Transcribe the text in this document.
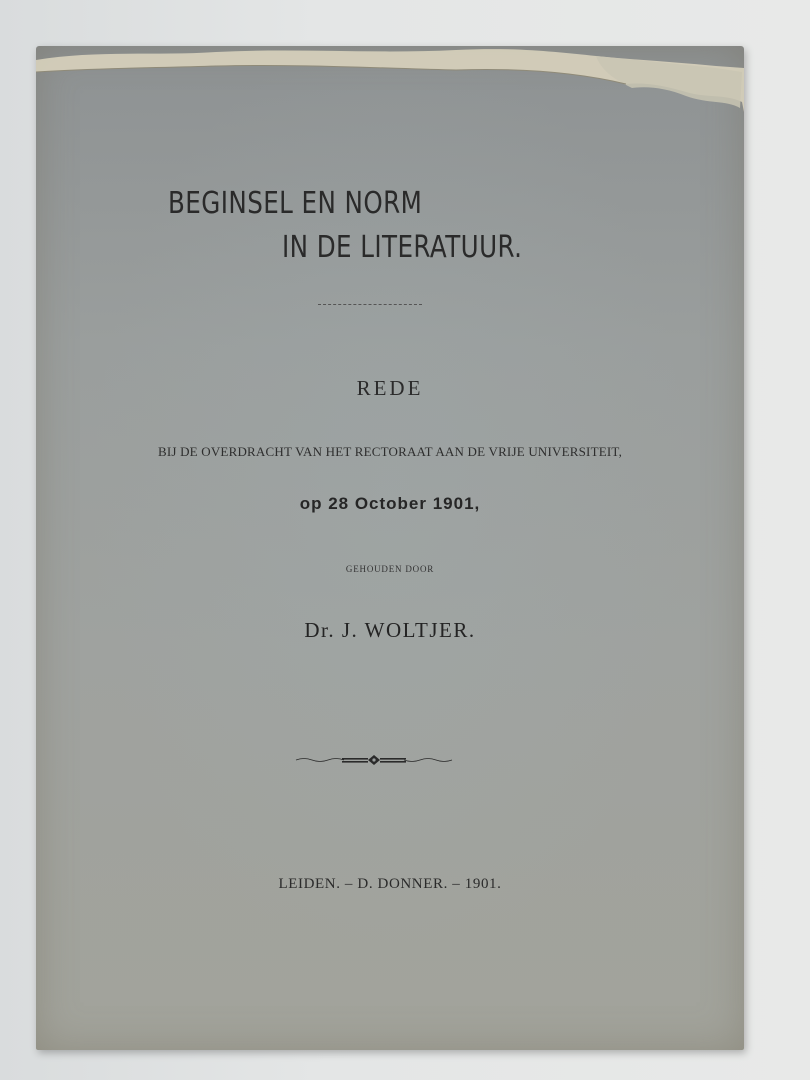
BEGINSEL EN NORM
IN DE LITERATUUR.
REDE
BIJ DE OVERDRACHT VAN HET RECTORAAT AAN DE VRIJE UNIVERSITEIT,
op 28 October 1901,
GEHOUDEN DOOR
Dr. J. WOLTJER.
LEIDEN. – D. DONNER. – 1901.
